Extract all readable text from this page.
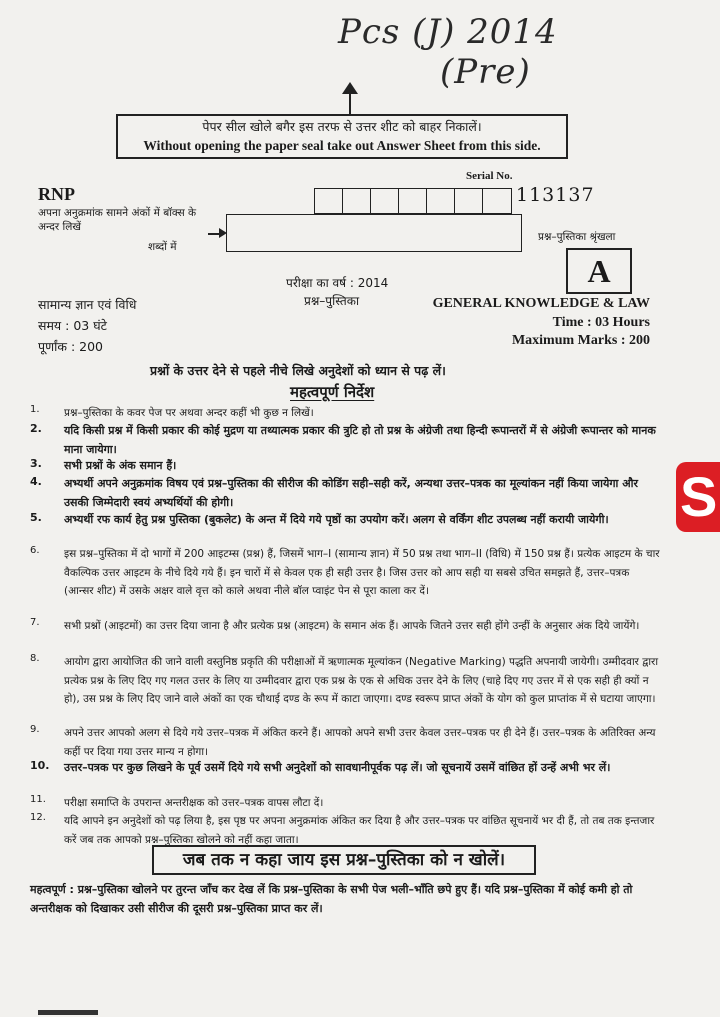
Pcs (J) 2014
(Pre)
पेपर सील खोले बगैर इस तरफ से उत्तर शीट को बाहर निकालें।
Without opening the paper seal take out Answer Sheet from this side.
RNP
अपना अनुक्रमांक सामने अंकों में बॉक्स के अन्दर लिखें
शब्दों में
Serial No.
113137
प्रश्न–पुस्तिका श्रृंखला
A
परीक्षा का वर्ष : 2014
प्रश्न–पुस्तिका
सामान्य ज्ञान एवं विधि
समय : 03 घंटे
पूर्णांक : 200
GENERAL KNOWLEDGE & LAW
Time : 03 Hours
Maximum Marks : 200
प्रश्नों के उत्तर देने से पहले नीचे लिखे अनुदेशों को ध्यान से पढ़ लें।
महत्वपूर्ण निर्देश
1. प्रश्न–पुस्तिका के कवर पेज पर अथवा अन्दर कहीं भी कुछ न लिखें।
2. यदि किसी प्रश्न में किसी प्रकार की कोई मुद्रण या तथ्यात्मक प्रकार की त्रुटि हो तो प्रश्न के अंग्रेजी तथा हिन्दी रूपान्तरों में से अंग्रेजी रूपान्तर को मानक माना जायेगा।
3. सभी प्रश्नों के अंक समान हैं।
4. अभ्यर्थी अपने अनुक्रमांक विषय एवं प्रश्न–पुस्तिका की सीरीज की कोडिंग सही–सही करें, अन्यथा उत्तर–पत्रक का मूल्यांकन नहीं किया जायेगा और उसकी जिम्मेदारी स्वयं अभ्यर्थियों की होगी।
5. अभ्यर्थी रफ कार्य हेतु प्रश्न पुस्तिका (बुकलेट) के अन्त में दिये गये पृष्ठों का उपयोग करें। अलग से वर्किंग शीट उपलब्ध नहीं करायी जायेगी।
6. इस प्रश्न–पुस्तिका में दो भागों में 200 आइटम्स (प्रश्न) हैं, जिसमें भाग–I (सामान्य ज्ञान) में 50 प्रश्न तथा भाग–II (विधि) में 150 प्रश्न हैं। प्रत्येक आइटम के चार वैकल्पिक उत्तर आइटम के नीचे दिये गये हैं। इन चारों में से केवल एक ही सही उत्तर है। जिस उत्तर को आप सही या सबसे उचित समझते हैं, उत्तर–पत्रक (आन्सर शीट) में उसके अक्षर वाले वृत्त को काले अथवा नीले बॉल प्वाइंट पेन से पूरा काला कर दें।
7. सभी प्रश्नों (आइटमों) का उत्तर दिया जाना है और प्रत्येक प्रश्न (आइटम) के समान अंक हैं। आपके जितने उत्तर सही होंगे उन्हीं के अनुसार अंक दिये जायेंगे।
8. आयोग द्वारा आयोजित की जाने वाली वस्तुनिष्ठ प्रकृति की परीक्षाओं में ऋणात्मक मूल्यांकन (Negative Marking) पद्धति अपनायी जायेगी। उम्मीदवार द्वारा प्रत्येक प्रश्न के लिए दिए गए गलत उत्तर के लिए या उम्मीदवार द्वारा एक प्रश्न के एक से अधिक उत्तर देने के लिए (चाहे दिए गए उत्तर में से एक सही ही क्यों न हो), उस प्रश्न के लिए दिए जाने वाले अंकों का एक चौथाई दण्ड के रूप में काटा जाएगा। दण्ड स्वरूप प्राप्त अंकों के योग को कुल प्राप्तांक में से घटाया जाएगा।
9. अपने उत्तर आपको अलग से दिये गये उत्तर–पत्रक में अंकित करने हैं। आपको अपने सभी उत्तर केवल उत्तर–पत्रक पर ही देने हैं। उत्तर–पत्रक के अतिरिक्त अन्य कहीं पर दिया गया उत्तर मान्य न होगा।
10. उत्तर–पत्रक पर कुछ लिखने के पूर्व उसमें दिये गये सभी अनुदेशों को सावधानीपूर्वक पढ़ लें। जो सूचनायें उसमें वांछित हों उन्हें अभी भर लें।
11. परीक्षा समाप्ति के उपरान्त अन्तरीक्षक को उत्तर–पत्रक वापस लौटा दें।
12. यदि आपने इन अनुदेशों को पढ़ लिया है, इस पृष्ठ पर अपना अनुक्रमांक अंकित कर दिया है और उत्तर–पत्रक पर वांछित सूचनायें भर दी हैं, तो तब तक इन्तजार करें जब तक आपको प्रश्न–पुस्तिका खोलने को नहीं कहा जाता।
जब तक न कहा जाय इस प्रश्न–पुस्तिका को न खोलें।
महत्वपूर्ण : प्रश्न–पुस्तिका खोलने पर तुरन्त जाँच कर देख लें कि प्रश्न–पुस्तिका के सभी पेज भली–भाँति छपे हुए हैं। यदि प्रश्न–पुस्तिका में कोई कमी हो तो अन्तरीक्षक को दिखाकर उसी सीरीज की दूसरी प्रश्न–पुस्तिका प्राप्त कर लें।
S
